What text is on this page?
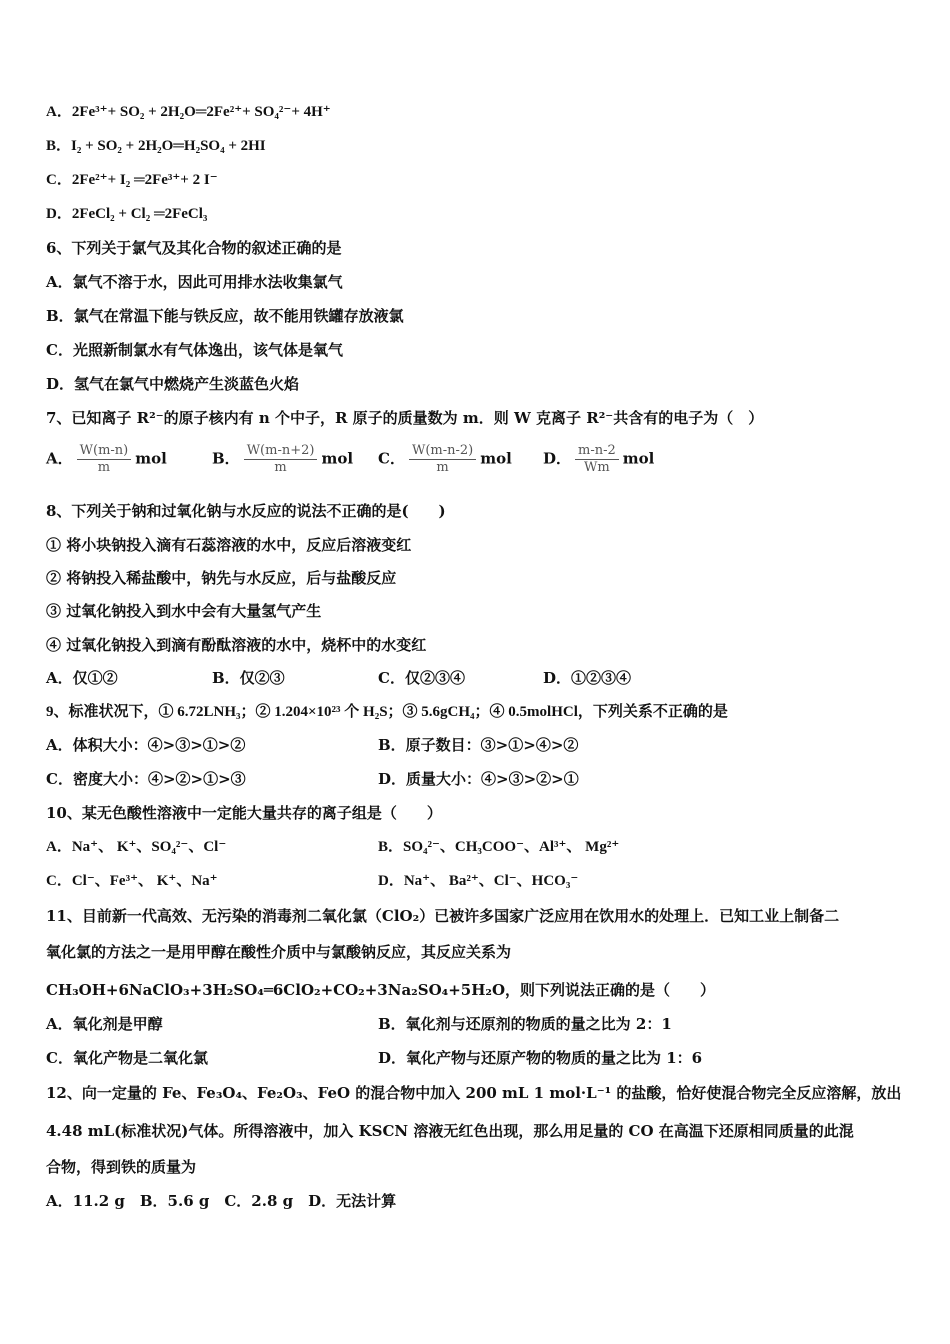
A．2Fe³⁺+ SO₂ + 2H₂O═2Fe²⁺+ SO₄²⁻+ 4H⁺
B．I₂ + SO₂ + 2H₂O═H₂SO₄ + 2HI
C．2Fe²⁺+ I₂ ═2Fe³⁺+ 2 I⁻
D．2FeCl₂ + Cl₂ ═2FeCl₃
6、下列关于氯气及其化合物的叙述正确的是
A．氯气不溶于水，因此可用排水法收集氯气
B．氯气在常温下能与铁反应，故不能用铁罐存放液氯
C．光照新制氯水有气体逸出，该气体是氧气
D．氢气在氯气中燃烧产生淡蓝色火焰
7、已知离子 R²⁻的原子核内有 n 个中子，R 原子的质量数为 m．则 W 克离子 R²⁻共含有的电子为（　）
A． $\frac{W(m-n)}{m}$ mol	B． $\frac{W(m-n+2)}{m}$ mol C． $\frac{W(m-n-2)}{m}$ mol D． $\frac{m-n-2}{Wm}$ mol
8、下列关于钠和过氧化钠与水反应的说法不正确的是(　　)
① 将小块钠投入滴有石蕊溶液的水中，反应后溶液变红
② 将钠投入稀盐酸中，钠先与水反应，后与盐酸反应
③ 过氧化钠投入到水中会有大量氢气产生
④ 过氧化钠投入到滴有酚酞溶液的水中，烧杯中的水变红
A．仅①②	B．仅②③	C．仅②③④	D．①②③④
9、标准状况下，① 6.72LNH₃；② 1.204×10²³ 个 H₂S；③ 5.6gCH₄；④ 0.5molHCl，下列关系不正确的是
A．体积大小：④>③>①>②	B．原子数目：③>①>④>②
C．密度大小：④>②>①>③	D．质量大小：④>③>②>①
10、某无色酸性溶液中一定能大量共存的离子组是（　　）
A．Na⁺、 K⁺、SO₄²⁻、Cl⁻	B．SO₄²⁻、CH₃COO⁻、Al³⁺、 Mg²⁺
C．Cl⁻、Fe³⁺、 K⁺、Na⁺	D．Na⁺、 Ba²⁺、Cl⁻、HCO₃⁻
11、目前新一代高效、无污染的消毒剂二氧化氯（ClO₂）已被许多国家广泛应用在饮用水的处理上．已知工业上制备二
氧化氯的方法之一是用甲醇在酸性介质中与氯酸钠反应，其反应关系为
CH₃OH+6NaClO₃+3H₂SO₄═6ClO₂+CO₂+3Na₂SO₄+5H₂O，则下列说法正确的是（　　）
A．氧化剂是甲醇	B．氧化剂与还原剂的物质的量之比为 2：1
C．氧化产物是二氧化氯	D．氧化产物与还原产物的物质的量之比为 1：6
12、向一定量的 Fe、Fe₃O₄、Fe₂O₃、FeO 的混合物中加入 200 mL 1 mol·L⁻¹ 的盐酸，恰好使混合物完全反应溶解，放出
4.48 mL(标准状况)气体。所得溶液中，加入 KSCN 溶液无红色出现，那么用足量的 CO 在高温下还原相同质量的此混
合物，得到铁的质量为
A．11.2 g　B．5.6 g　C．2.8 g　D．无法计算
